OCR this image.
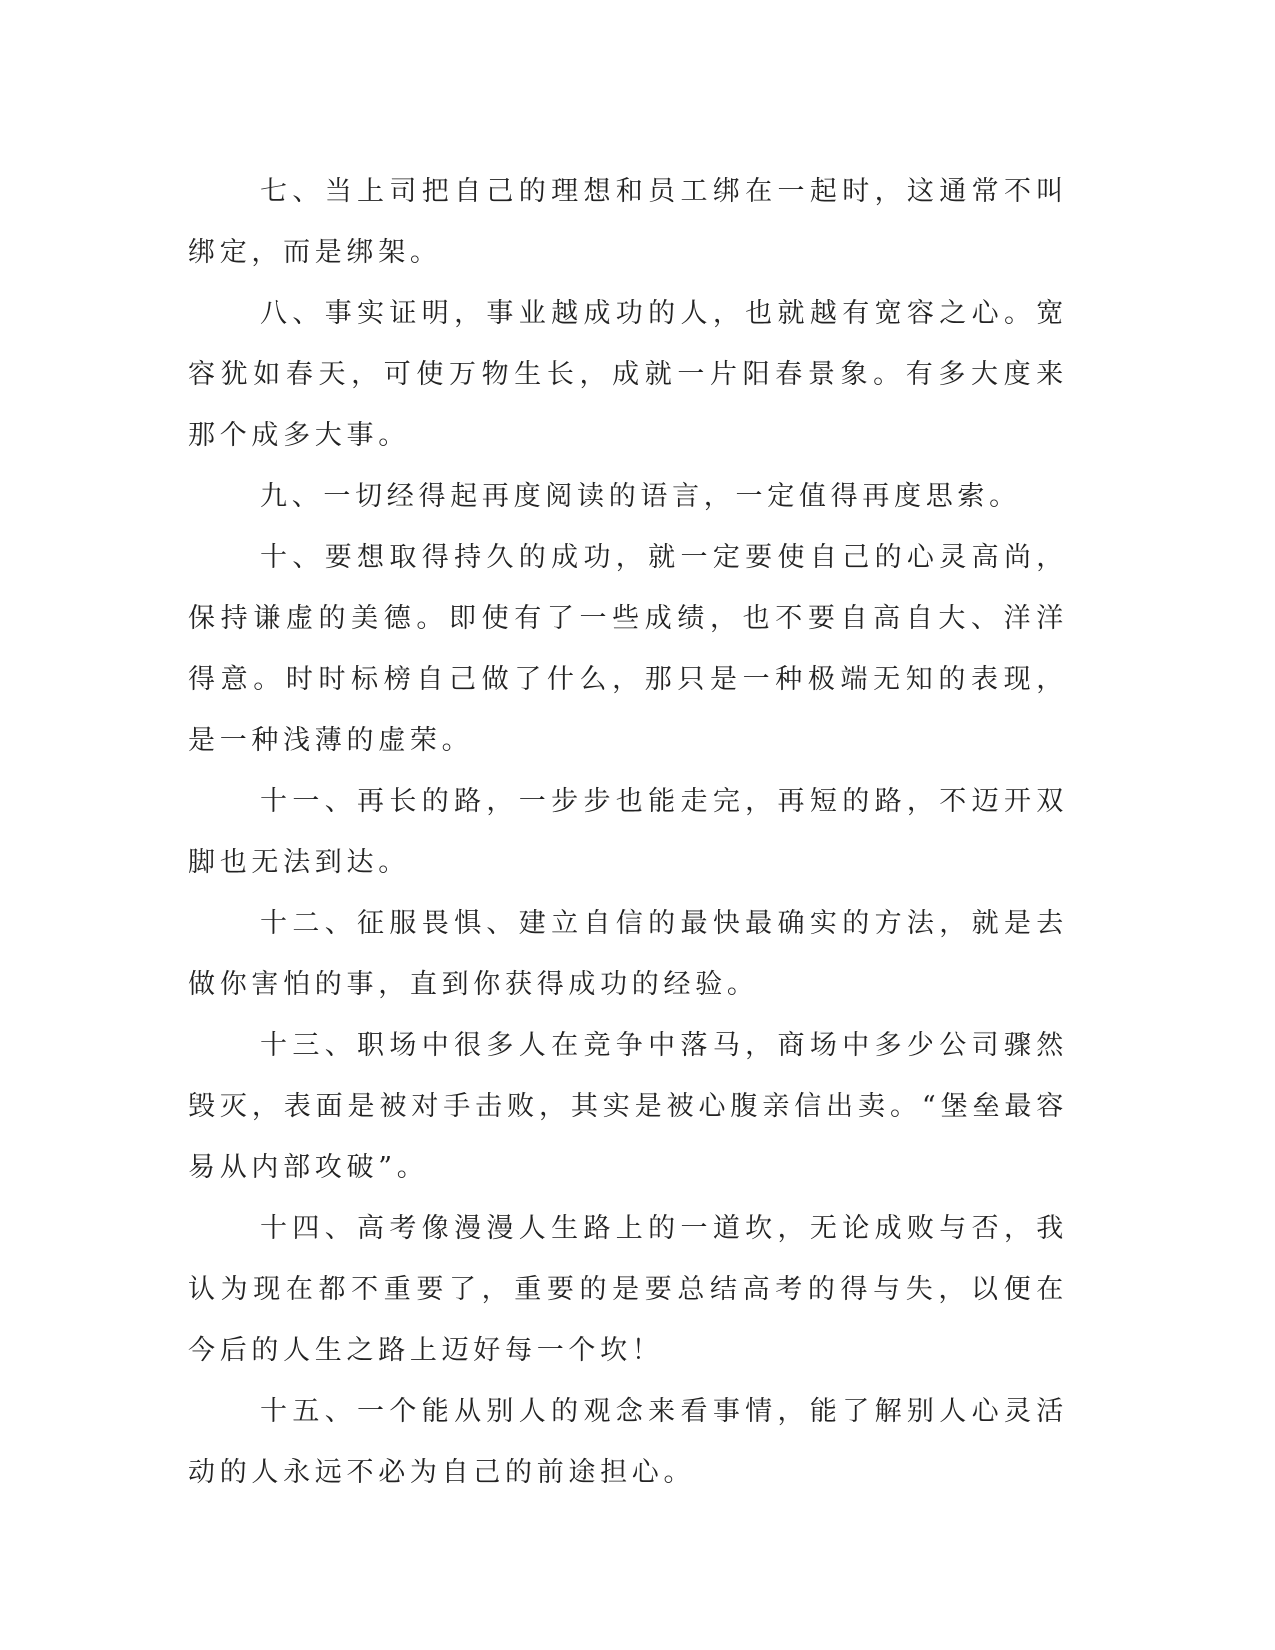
七、当上司把自己的理想和员工绑在一起时，这通常不叫绑定，而是绑架。

八、事实证明，事业越成功的人，也就越有宽容之心。宽容犹如春天，可使万物生长，成就一片阳春景象。有多大度来那个成多大事。

九、一切经得起再度阅读的语言，一定值得再度思索。

十、要想取得持久的成功，就一定要使自己的心灵高尚，保持谦虚的美德。即使有了一些成绩，也不要自高自大、洋洋得意。时时标榜自己做了什么，那只是一种极端无知的表现，是一种浅薄的虚荣。

十一、再长的路，一步步也能走完，再短的路，不迈开双脚也无法到达。

十二、征服畏惧、建立自信的最快最确实的方法，就是去做你害怕的事，直到你获得成功的经验。

十三、职场中很多人在竞争中落马，商场中多少公司骤然毁灭，表面是被对手击败，其实是被心腹亲信出卖。“堡垒最容易从内部攻破”。

十四、高考像漫漫人生路上的一道坎，无论成败与否，我认为现在都不重要了，重要的是要总结高考的得与失，以便在今后的人生之路上迈好每一个坎！

十五、一个能从别人的观念来看事情，能了解别人心灵活动的人永远不必为自己的前途担心。
